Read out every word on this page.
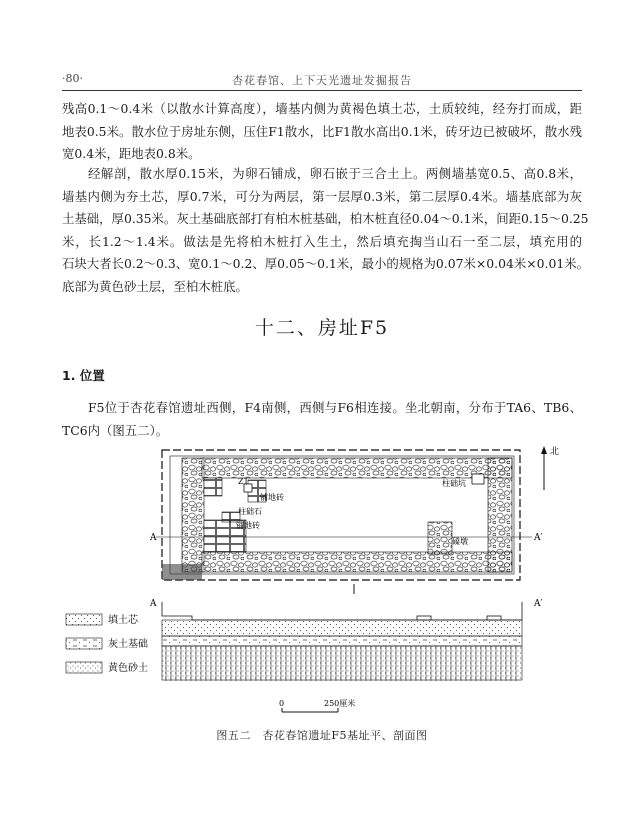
·80·	杏花春馆、上下天光遗址发掘报告

残高0.1～0.4米（以散水计算高度），墙基内侧为黄褐色填土芯，土质较纯，经夯打而成，距
地表0.5米。散水位于房址东侧，压住F1散水，比F1散水高出0.1米，砖牙边已被破坏，散水残
宽0.4米，距地表0.8米。

经解剖，散水厚0.15米，为卵石铺成，卵石嵌于三合土上。两侧墙基宽0.5、高0.8米，
墙基内侧为夯土芯，厚0.7米，可分为两层，第一层厚0.3米，第二层厚0.4米。墙基底部为灰
土基础，厚0.35米。灰土基础底部打有柏木桩基础，柏木桩直径0.04～0.1米，间距0.15～0.25
米，长1.2～1.4米。做法是先将柏木桩打入生土，然后填充掏当山石一至二层，填充用的
石块大者长0.2～0.3、宽0.1～0.2、厚0.05～0.1米，最小的规格为0.07米×0.04米×0.01米。
底部为黄色砂土层，至柏木桩底。

十二、房址F5
1. 位置

F5位于杏花春馆遗址西侧，F4南侧，西侧与F6相连接。坐北朝南，分布于TA6、TB6、
TC6内（图五二）。

北
Z1
铺地砖
柱础石
铺地砖
柱础坑
磉墩
A	A′
A	A′
填土芯
灰土基础
黄色砂土
0	250厘米
图五二　杏花春馆遗址F5基址平、剖面图
